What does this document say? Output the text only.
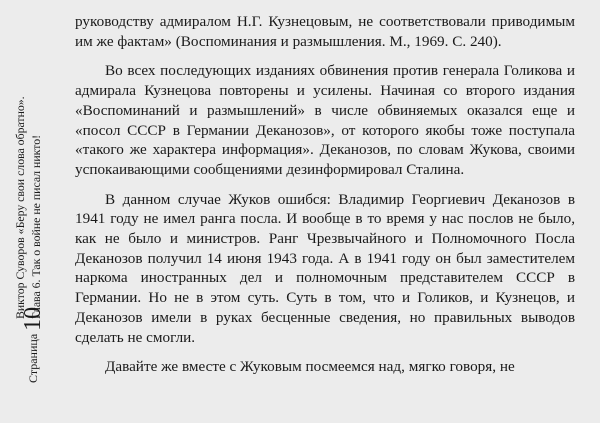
Страница10
Виктор Суворов «Беру свои слова обратно». Глава 6. Так о войне не писал никто!

руководству адмиралом Н.Г. Кузнецовым, не соответствовали приводимым им же фактам» (Воспоминания и размышления. М., 1969. С. 240).

Во всех последующих изданиях обвинения против генерала Голикова и адмирала Кузнецова повторены и усилены. Начиная со второго издания «Воспоминаний и размышлений» в числе обвиняемых оказался еще и «посол СССР в Германии Деканозов», от которого якобы тоже поступала «такого же характера информация». Деканозов, по словам Жукова, своими успокаивающими сообщениями дезинформировал Сталина.

В данном случае Жуков ошибся: Владимир Георгиевич Деканозов в 1941 году не имел ранга посла. И вообще в то время у нас послов не было, как не было и министров. Ранг Чрезвычайного и Полномочного Посла Деканозов получил 14 июня 1943 года. А в 1941 году он был заместителем наркома иностранных дел и полномочным представителем СССР в Германии. Но не в этом суть. Суть в том, что и Голиков, и Кузнецов, и Деканозов имели в руках бесценные сведения, но правильных выводов сделать не смогли.

Давайте же вместе с Жуковым посмеемся над, мягко говоря, не
